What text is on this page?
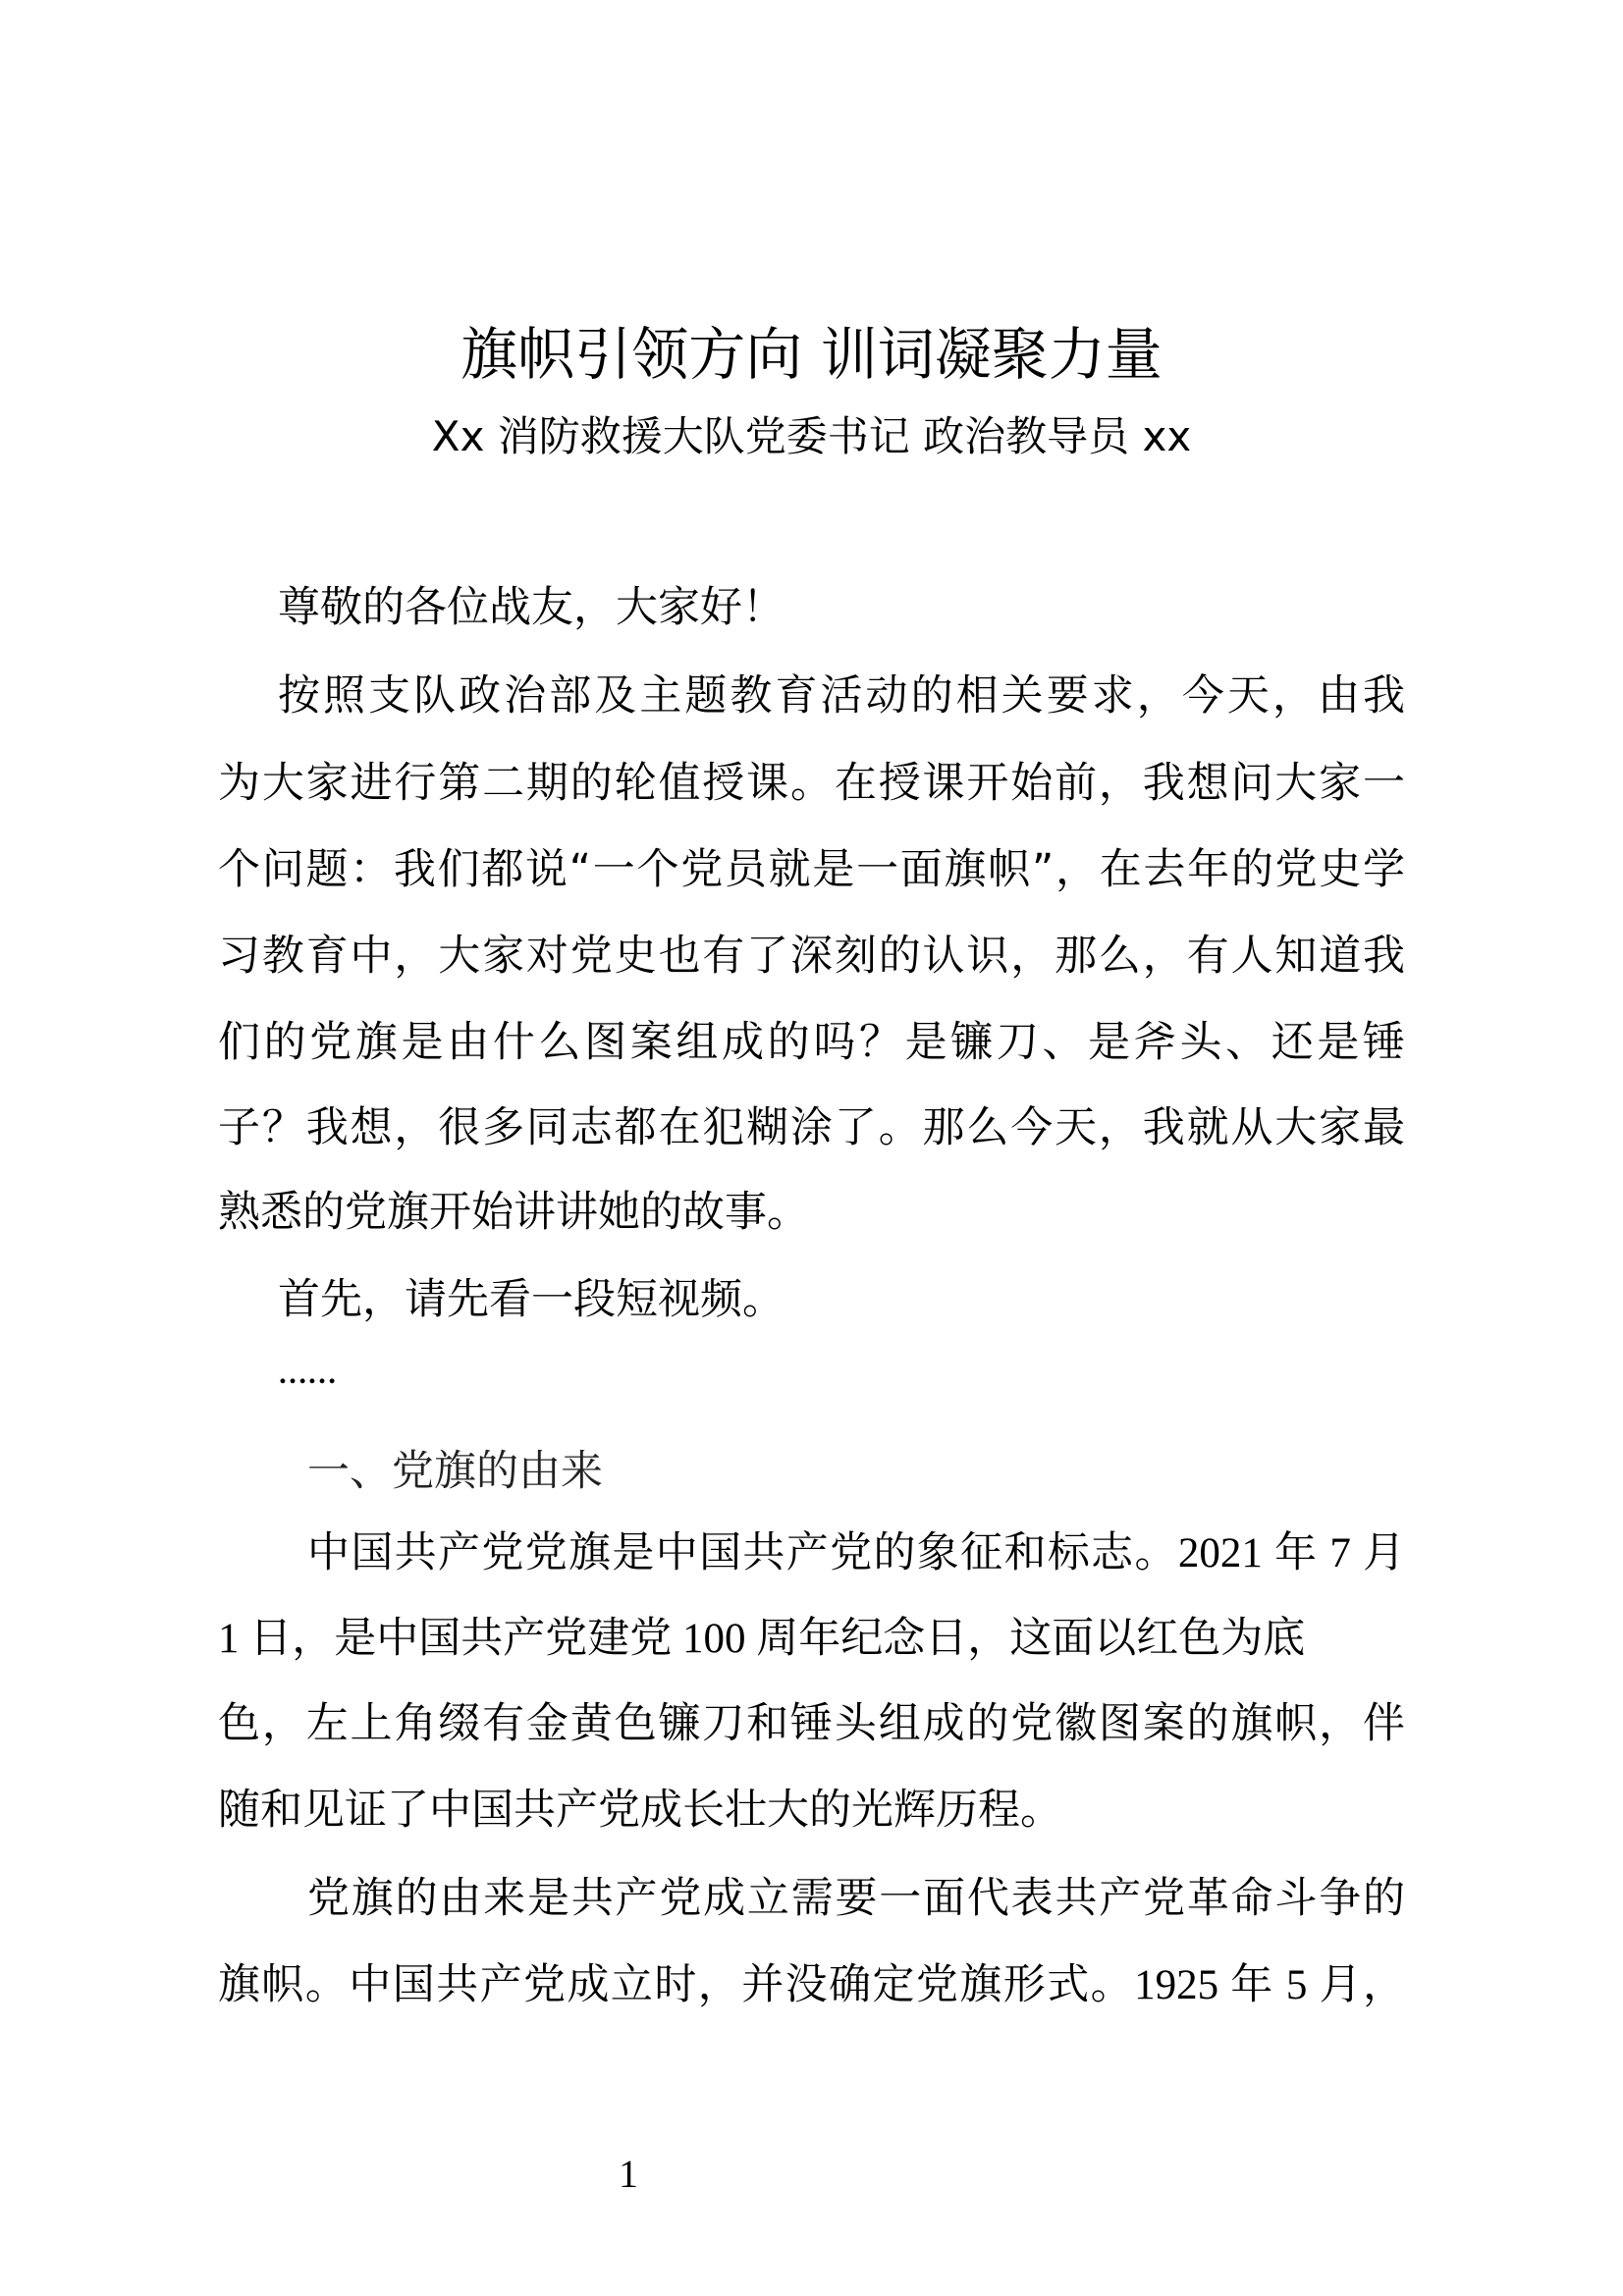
旗帜引领方向 训词凝聚力量
Xx 消防救援大队党委书记 政治教导员 xx
尊敬的各位战友，大家好！
按照支队政治部及主题教育活动的相关要求，今天，由我
为大家进行第二期的轮值授课。在授课开始前，我想问大家一
个问题：我们都说“一个党员就是一面旗帜”，在去年的党史学
习教育中，大家对党史也有了深刻的认识，那么，有人知道我
们的党旗是由什么图案组成的吗？是镰刀、是斧头、还是锤
子？我想，很多同志都在犯糊涂了。那么今天，我就从大家最
熟悉的党旗开始讲讲她的故事。
首先，请先看一段短视频。
……
一、党旗的由来
中国共产党党旗是中国共产党的象征和标志。2021 年 7 月
1 日，是中国共产党建党 100 周年纪念日，这面以红色为底
色，左上角缀有金黄色镰刀和锤头组成的党徽图案的旗帜，伴
随和见证了中国共产党成长壮大的光辉历程。
党旗的由来是共产党成立需要一面代表共产党革命斗争的
旗帜。中国共产党成立时，并没确定党旗形式。1925 年 5 月，
1
